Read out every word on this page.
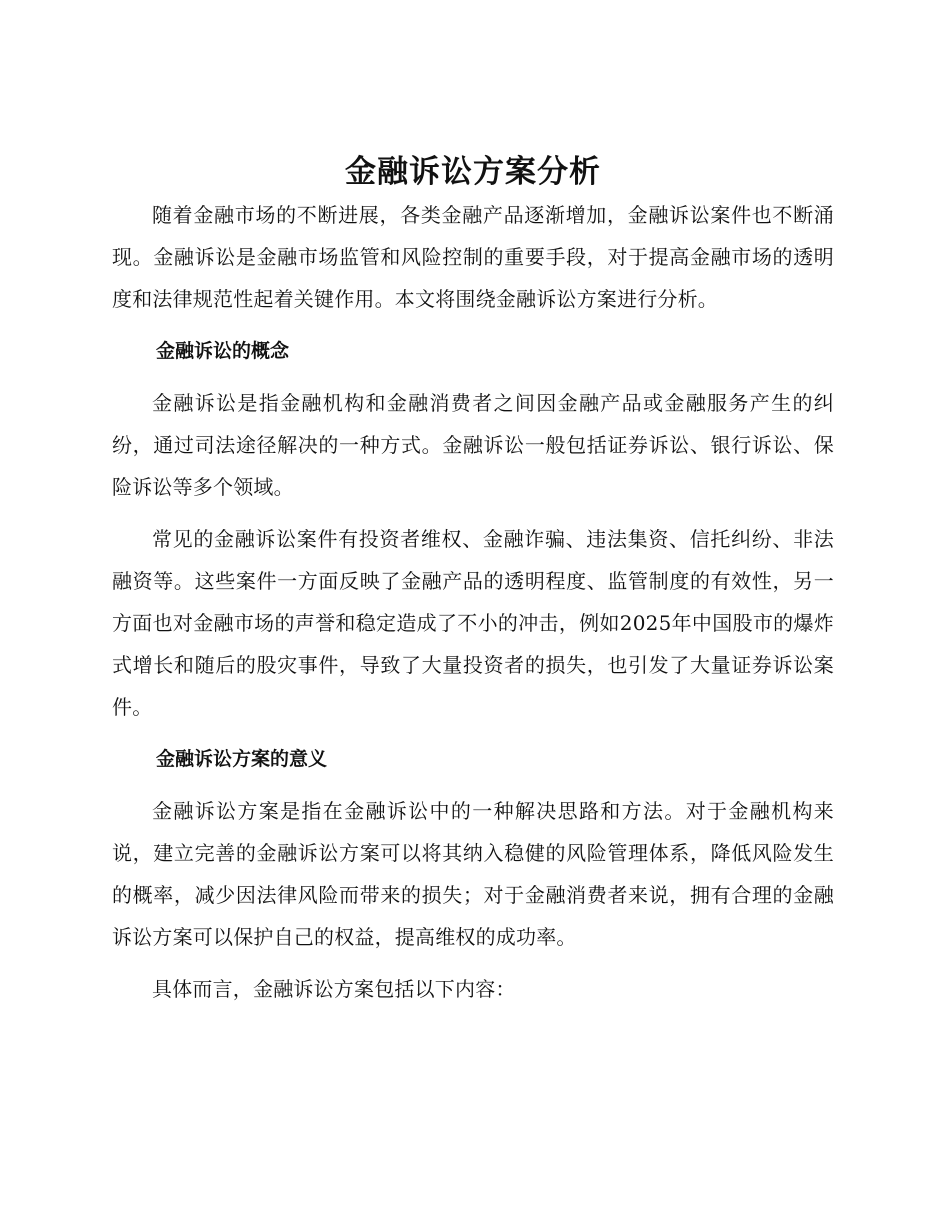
金融诉讼方案分析

随着金融市场的不断进展，各类金融产品逐渐增加，金融诉讼案件也不断涌现。金融诉讼是金融市场监管和风险控制的重要手段，对于提高金融市场的透明度和法律规范性起着关键作用。本文将围绕金融诉讼方案进行分析。

金融诉讼的概念

金融诉讼是指金融机构和金融消费者之间因金融产品或金融服务产生的纠纷，通过司法途径解决的一种方式。金融诉讼一般包括证券诉讼、银行诉讼、保险诉讼等多个领域。

常见的金融诉讼案件有投资者维权、金融诈骗、违法集资、信托纠纷、非法融资等。这些案件一方面反映了金融产品的透明程度、监管制度的有效性，另一方面也对金融市场的声誉和稳定造成了不小的冲击，例如2025年中国股市的爆炸式增长和随后的股灾事件，导致了大量投资者的损失，也引发了大量证券诉讼案件。

金融诉讼方案的意义

金融诉讼方案是指在金融诉讼中的一种解决思路和方法。对于金融机构来说，建立完善的金融诉讼方案可以将其纳入稳健的风险管理体系，降低风险发生的概率，减少因法律风险而带来的损失；对于金融消费者来说，拥有合理的金融诉讼方案可以保护自己的权益，提高维权的成功率。

具体而言，金融诉讼方案包括以下内容：
